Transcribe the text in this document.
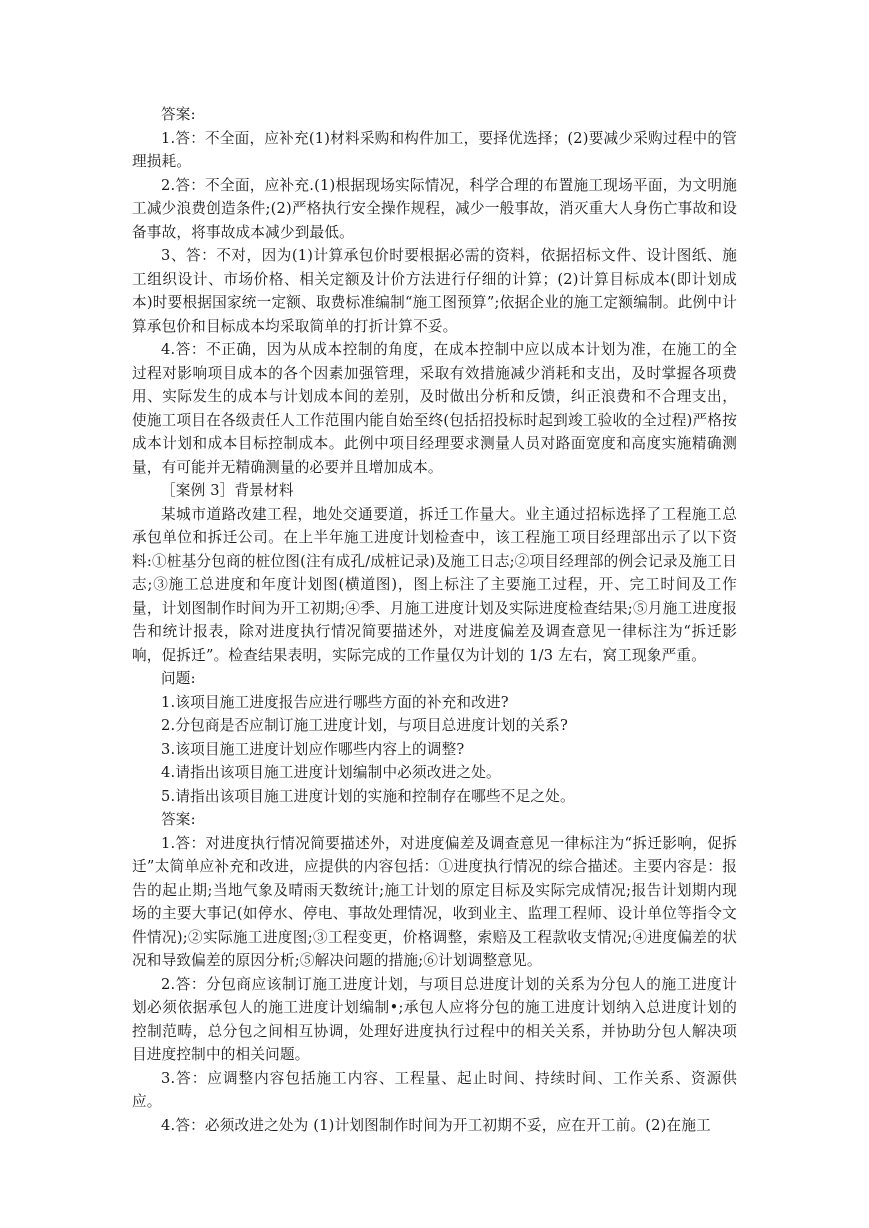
答案:

1.答：不全面，应补充(1)材料采购和构件加工，要择优选择；(2)要减少采购过程中的管理损耗。

2.答：不全面，应补充.(1)根据现场实际情况，科学合理的布置施工现场平面，为文明施工减少浪费创造条件;(2)严格执行安全操作规程，减少一般事故，消灭重大人身伤亡事故和设备事故，将事故成本减少到最低。

3、答：不对，因为(1)计算承包价时要根据必需的资料，依据招标文件、设计图纸、施工组织设计、市场价格、相关定额及计价方法进行仔细的计算；(2)计算目标成本(即计划成本)时要根据国家统一定额、取费标准编制“施工图预算”;依据企业的施工定额编制。此例中计算承包价和目标成本均采取简单的打折计算不妥。

4.答：不正确，因为从成本控制的角度，在成本控制中应以成本计划为准，在施工的全过程对影响项目成本的各个因素加强管理，采取有效措施减少消耗和支出，及时掌握各项费用、实际发生的成本与计划成本间的差别，及时做出分析和反馈，纠正浪费和不合理支出，使施工项目在各级责任人工作范围内能自始至终(包括招投标时起到竣工验收的全过程)严格按成本计划和成本目标控制成本。此例中项目经理要求测量人员对路面宽度和高度实施精确测量，有可能并无精确测量的必要并且增加成本。

［案例 3］背景材料

某城市道路改建工程，地处交通要道，拆迁工作量大。业主通过招标选择了工程施工总承包单位和拆迁公司。在上半年施工进度计划检查中，该工程施工项目经理部出示了以下资料:①桩基分包商的桩位图(注有成孔/成桩记录)及施工日志;②项目经理部的例会记录及施工日志;③施工总进度和年度计划图(横道图)，图上标注了主要施工过程，开、完工时间及工作量，计划图制作时间为开工初期;④季、月施工进度计划及实际进度检查结果;⑤月施工进度报告和统计报表，除对进度执行情况简要描述外，对进度偏差及调查意见一律标注为“拆迁影响，促拆迁”。检查结果表明，实际完成的工作量仅为计划的 1/3 左右，窝工现象严重。

问题:

1.该项目施工进度报告应进行哪些方面的补充和改进?

2.分包商是否应制订施工进度计划，与项目总进度计划的关系?

3.该项目施工进度计划应作哪些内容上的调整?

4.请指出该项目施工进度计划编制中必须改进之处。

5.请指出该项目施工进度计划的实施和控制存在哪些不足之处。

答案:

1.答：对进度执行情况简要描述外，对进度偏差及调查意见一律标注为“拆迁影响，促拆迁”太简单应补充和改进，应提供的内容包括：①进度执行情况的综合描述。主要内容是：报告的起止期;当地气象及晴雨天数统计;施工计划的原定目标及实际完成情况;报告计划期内现场的主要大事记(如停水、停电、事故处理情况，收到业主、监理工程师、设计单位等指令文件情况);②实际施工进度图;③工程变更，价格调整，索赔及工程款收支情况;④进度偏差的状况和导致偏差的原因分析;⑤解决问题的措施;⑥计划调整意见。

2.答：分包商应该制订施工进度计划，与项目总进度计划的关系为分包人的施工进度计划必须依据承包人的施工进度计划编制•;承包人应将分包的施工进度计划纳入总进度计划的控制范畴，总分包之间相互协调，处理好进度执行过程中的相关关系，并协助分包人解决项目进度控制中的相关问题。

3.答：应调整内容包括施工内容、工程量、起止时间、持续时间、工作关系、资源供应。

4.答：必须改进之处为 (1)计划图制作时间为开工初期不妥，应在开工前。(2)在施工
